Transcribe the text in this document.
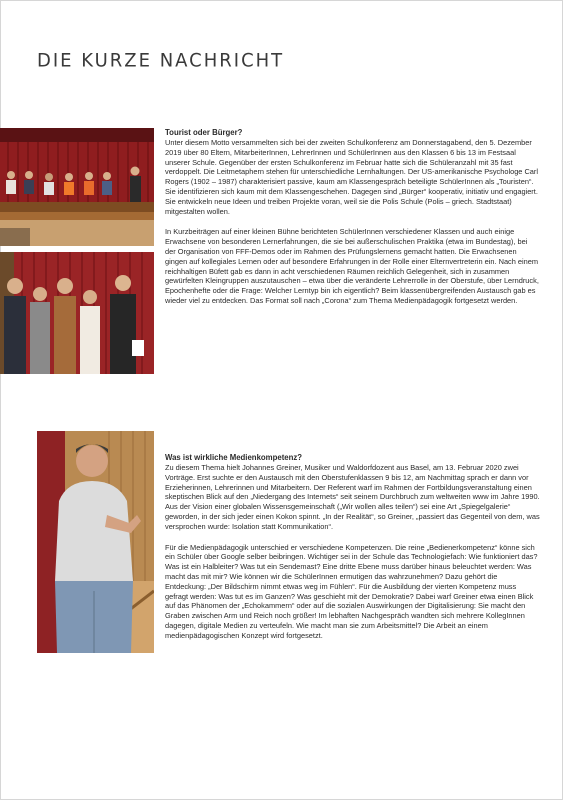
DIE KURZE NACHRICHT
Tourist oder Bürger?

Unter diesem Motto versammelten sich bei der zweiten Schulkonferenz am Donnerstagabend, den 5. Dezember 2019 über 80 Eltern, MitarbeiterInnen, LehrerInnen und SchülerInnen aus den Klassen 6 bis 13 im Festsaal unserer Schule. Gegenüber der ersten Schulkonferenz im Februar hatte sich die Schüleranzahl mit 35 fast verdoppelt. Die Leitmetaphern stehen für unterschiedliche Lernhaltungen. Der US-amerikanische Psychologe Carl Rogers (1902 – 1987) charakterisiert passive, kaum am Klassengespräch beteiligte SchülerInnen als „Touristen“. Sie identifizieren sich kaum mit dem Klassengeschehen. Dagegen sind „Bürger“ kooperativ, initiativ und engagiert. Sie entwickeln neue Ideen und treiben Projekte voran, weil sie die Polis Schule (Polis – griech. Stadtstaat) mitgestalten wollen.

In Kurzbeiträgen auf einer kleinen Bühne berichteten SchülerInnen verschiedener Klassen und auch einige Erwachsene von besonderen Lernerfahrungen, die sie bei außerschulischen Praktika (etwa im Bundestag), bei der Organisation von FFF-Demos oder im Rahmen des Prüfungslernens gemacht hatten. Die Erwachsenen gingen auf kollegiales Lernen oder auf besondere Erfahrungen in der Rolle einer Elternvertreterin ein. Nach einem reichhaltigen Büfett gab es dann in acht verschiedenen Räumen reichlich Gelegenheit, sich in zusammen gewürfelten Kleingruppen auszutauschen – etwa über die veränderte Lehrerrolle in der Oberstufe, über Lerndruck, Epochenhefte oder die Frage: Welcher Lerntyp bin ich eigentlich? Beim klassenübergreifenden Austausch gab es wieder viel zu entdecken. Das Format soll nach „Corona“ zum Thema Medienpädagogik fortgesetzt werden.

Was ist wirkliche Medienkompetenz?

Zu diesem Thema hielt Johannes Greiner, Musiker und Waldorfdozent aus Basel, am 13. Februar 2020 zwei Vorträge. Erst suchte er den Austausch mit den Oberstufenklassen 9 bis 12, am Nachmittag sprach er dann vor Erzieherinnen, Lehrerinnen und Mitarbeitern. Der Referent warf im Rahmen der Fortbildungsveranstaltung einen skeptischen Blick auf den „Niedergang des Internets“ seit seinem Durchbruch zum weltweiten www im Jahre 1990. Aus der Vision einer globalen Wissensgemeinschaft („Wir wollen alles teilen“) sei eine Art „Spiegelgalerie“ geworden, in der sich jeder einen Kokon spinnt. „In der Realität“, so Greiner, „passiert das Gegenteil von dem, was versprochen wurde: Isolation statt Kommunikation“.

Für die Medienpädagogik unterschied er verschiedene Kompetenzen. Die reine „Bedienerkompetenz“ könne sich ein Schüler über Google selber beibringen. Wichtiger sei in der Schule das Technologiefach: Wie funktioniert das? Was ist ein Halbleiter? Was tut ein Sendemast? Eine dritte Ebene muss darüber hinaus beleuchtet werden: Was macht das mit mir? Wie können wir die SchülerInnen ermutigen das wahrzunehmen? Dazu gehört die Entdeckung: „Der Bildschirm nimmt etwas weg im Fühlen“. Für die Ausbildung der vierten Kompetenz muss gefragt werden: Was tut es im Ganzen? Was geschieht mit der Demokratie? Dabei warf Greiner etwa einen Blick auf das Phänomen der „Echokammern“ oder auf die sozialen Auswirkungen der Digitalisierung: Sie macht den Graben zwischen Arm und Reich noch größer! Im lebhaften Nachgespräch wandten sich mehrere KollegInnen dagegen, digitale Medien zu verteufeln. Wie macht man sie zum Arbeitsmittel? Die Arbeit an einem medienpädagogischen Konzept wird fortgesetzt.
